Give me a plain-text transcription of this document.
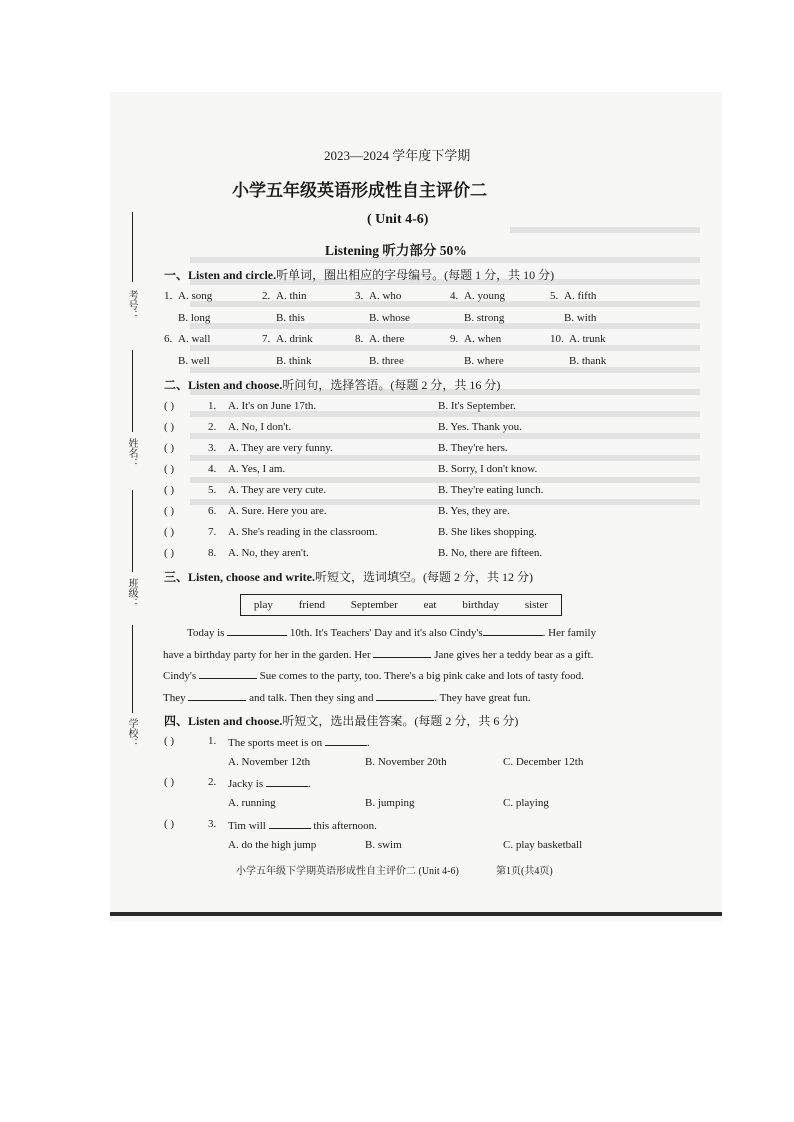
考号：
姓名：
班级：
学校：
2023—2024 学年度下学期
小学五年级英语形成性自主评价二
( Unit 4-6)
Listening 听力部分 50%
一、Listen and circle.听单词，圈出相应的字母编号。(每题 1 分，共 10 分)
1. A. song
B. long
2. A. thin
B. this
3. A. who
B. whose
4. A. young
B. strong
5. A. fifth
B. with
6. A. wall
B. well
7. A. drink
B. think
8. A. there
B. three
9. A. when
B. where
10. A. trunk
B. thank
二、Listen and choose.听问句，选择答语。(每题 2 分，共 16 分)
( )	1. A. It's on June 17th.	B. It's September.
( )	2. A. No, I don't.	B. Yes. Thank you.
( )	3. A. They are very funny.	B. They're hers.
( )	4. A. Yes, I am.	B. Sorry, I don't know.
( )	5. A. They are very cute.	B. They're eating lunch.
( )	6. A. Sure. Here you are.	B. Yes, they are.
( )	7. A. She's reading in the classroom.	B. She likes shopping.
( )	8. A. No, they aren't.	B. No, there are fifteen.
三、Listen, choose and write.听短文，选词填空。(每题 2 分，共 12 分)
play friend September eat birthday sister
Today is	10th. It's Teachers' Day and it's also Cindy's	. Her family
have a birthday party for her in the garden. Her	Jane gives her a teddy bear as a gift.
Cindy's	Sue comes to the party, too. There's a big pink cake and lots of tasty food.
They	and talk. Then they sing and	. They have great fun.
四、Listen and choose.听短文，选出最佳答案。(每题 2 分，共 6 分)
( )	1. The sports meet is on	.
A. November 12th	B. November 20th	C. December 12th
( )	2. Jacky is	.
A. running	B. jumping	C. playing
( )	3. Tim will	this afternoon.
A. do the high jump	B. swim	C. play basketball
小学五年级下学期英语形成性自主评价二 (Unit 4-6)	第1页(共4页)
